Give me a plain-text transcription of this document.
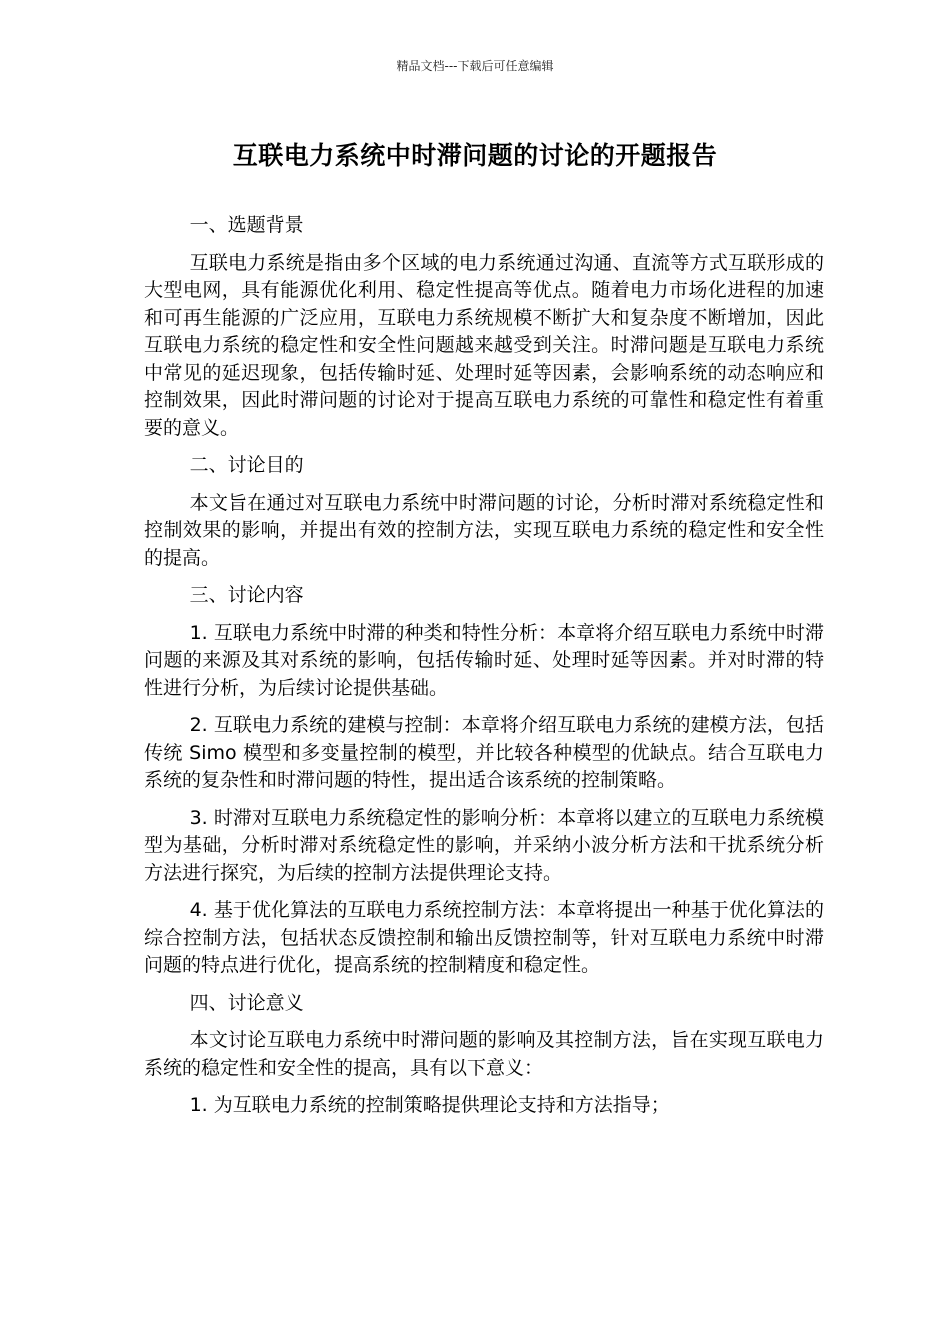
精品文档---下载后可任意编辑
互联电力系统中时滞问题的讨论的开题报告

一、选题背景

互联电力系统是指由多个区域的电力系统通过沟通、直流等方式互联形成的大型电网，具有能源优化利用、稳定性提高等优点。随着电力市场化进程的加速和可再生能源的广泛应用，互联电力系统规模不断扩大和复杂度不断增加，因此互联电力系统的稳定性和安全性问题越来越受到关注。时滞问题是互联电力系统中常见的延迟现象，包括传输时延、处理时延等因素，会影响系统的动态响应和控制效果，因此时滞问题的讨论对于提高互联电力系统的可靠性和稳定性有着重要的意义。

二、讨论目的

本文旨在通过对互联电力系统中时滞问题的讨论，分析时滞对系统稳定性和控制效果的影响，并提出有效的控制方法，实现互联电力系统的稳定性和安全性的提高。

三、讨论内容

1. 互联电力系统中时滞的种类和特性分析：本章将介绍互联电力系统中时滞问题的来源及其对系统的影响，包括传输时延、处理时延等因素。并对时滞的特性进行分析，为后续讨论提供基础。

2. 互联电力系统的建模与控制：本章将介绍互联电力系统的建模方法，包括传统 Simo 模型和多变量控制的模型，并比较各种模型的优缺点。结合互联电力系统的复杂性和时滞问题的特性，提出适合该系统的控制策略。

3. 时滞对互联电力系统稳定性的影响分析：本章将以建立的互联电力系统模型为基础，分析时滞对系统稳定性的影响，并采纳小波分析方法和干扰系统分析方法进行探究，为后续的控制方法提供理论支持。

4. 基于优化算法的互联电力系统控制方法：本章将提出一种基于优化算法的综合控制方法，包括状态反馈控制和输出反馈控制等，针对互联电力系统中时滞问题的特点进行优化，提高系统的控制精度和稳定性。

四、讨论意义

本文讨论互联电力系统中时滞问题的影响及其控制方法，旨在实现互联电力系统的稳定性和安全性的提高，具有以下意义：

1. 为互联电力系统的控制策略提供理论支持和方法指导；
